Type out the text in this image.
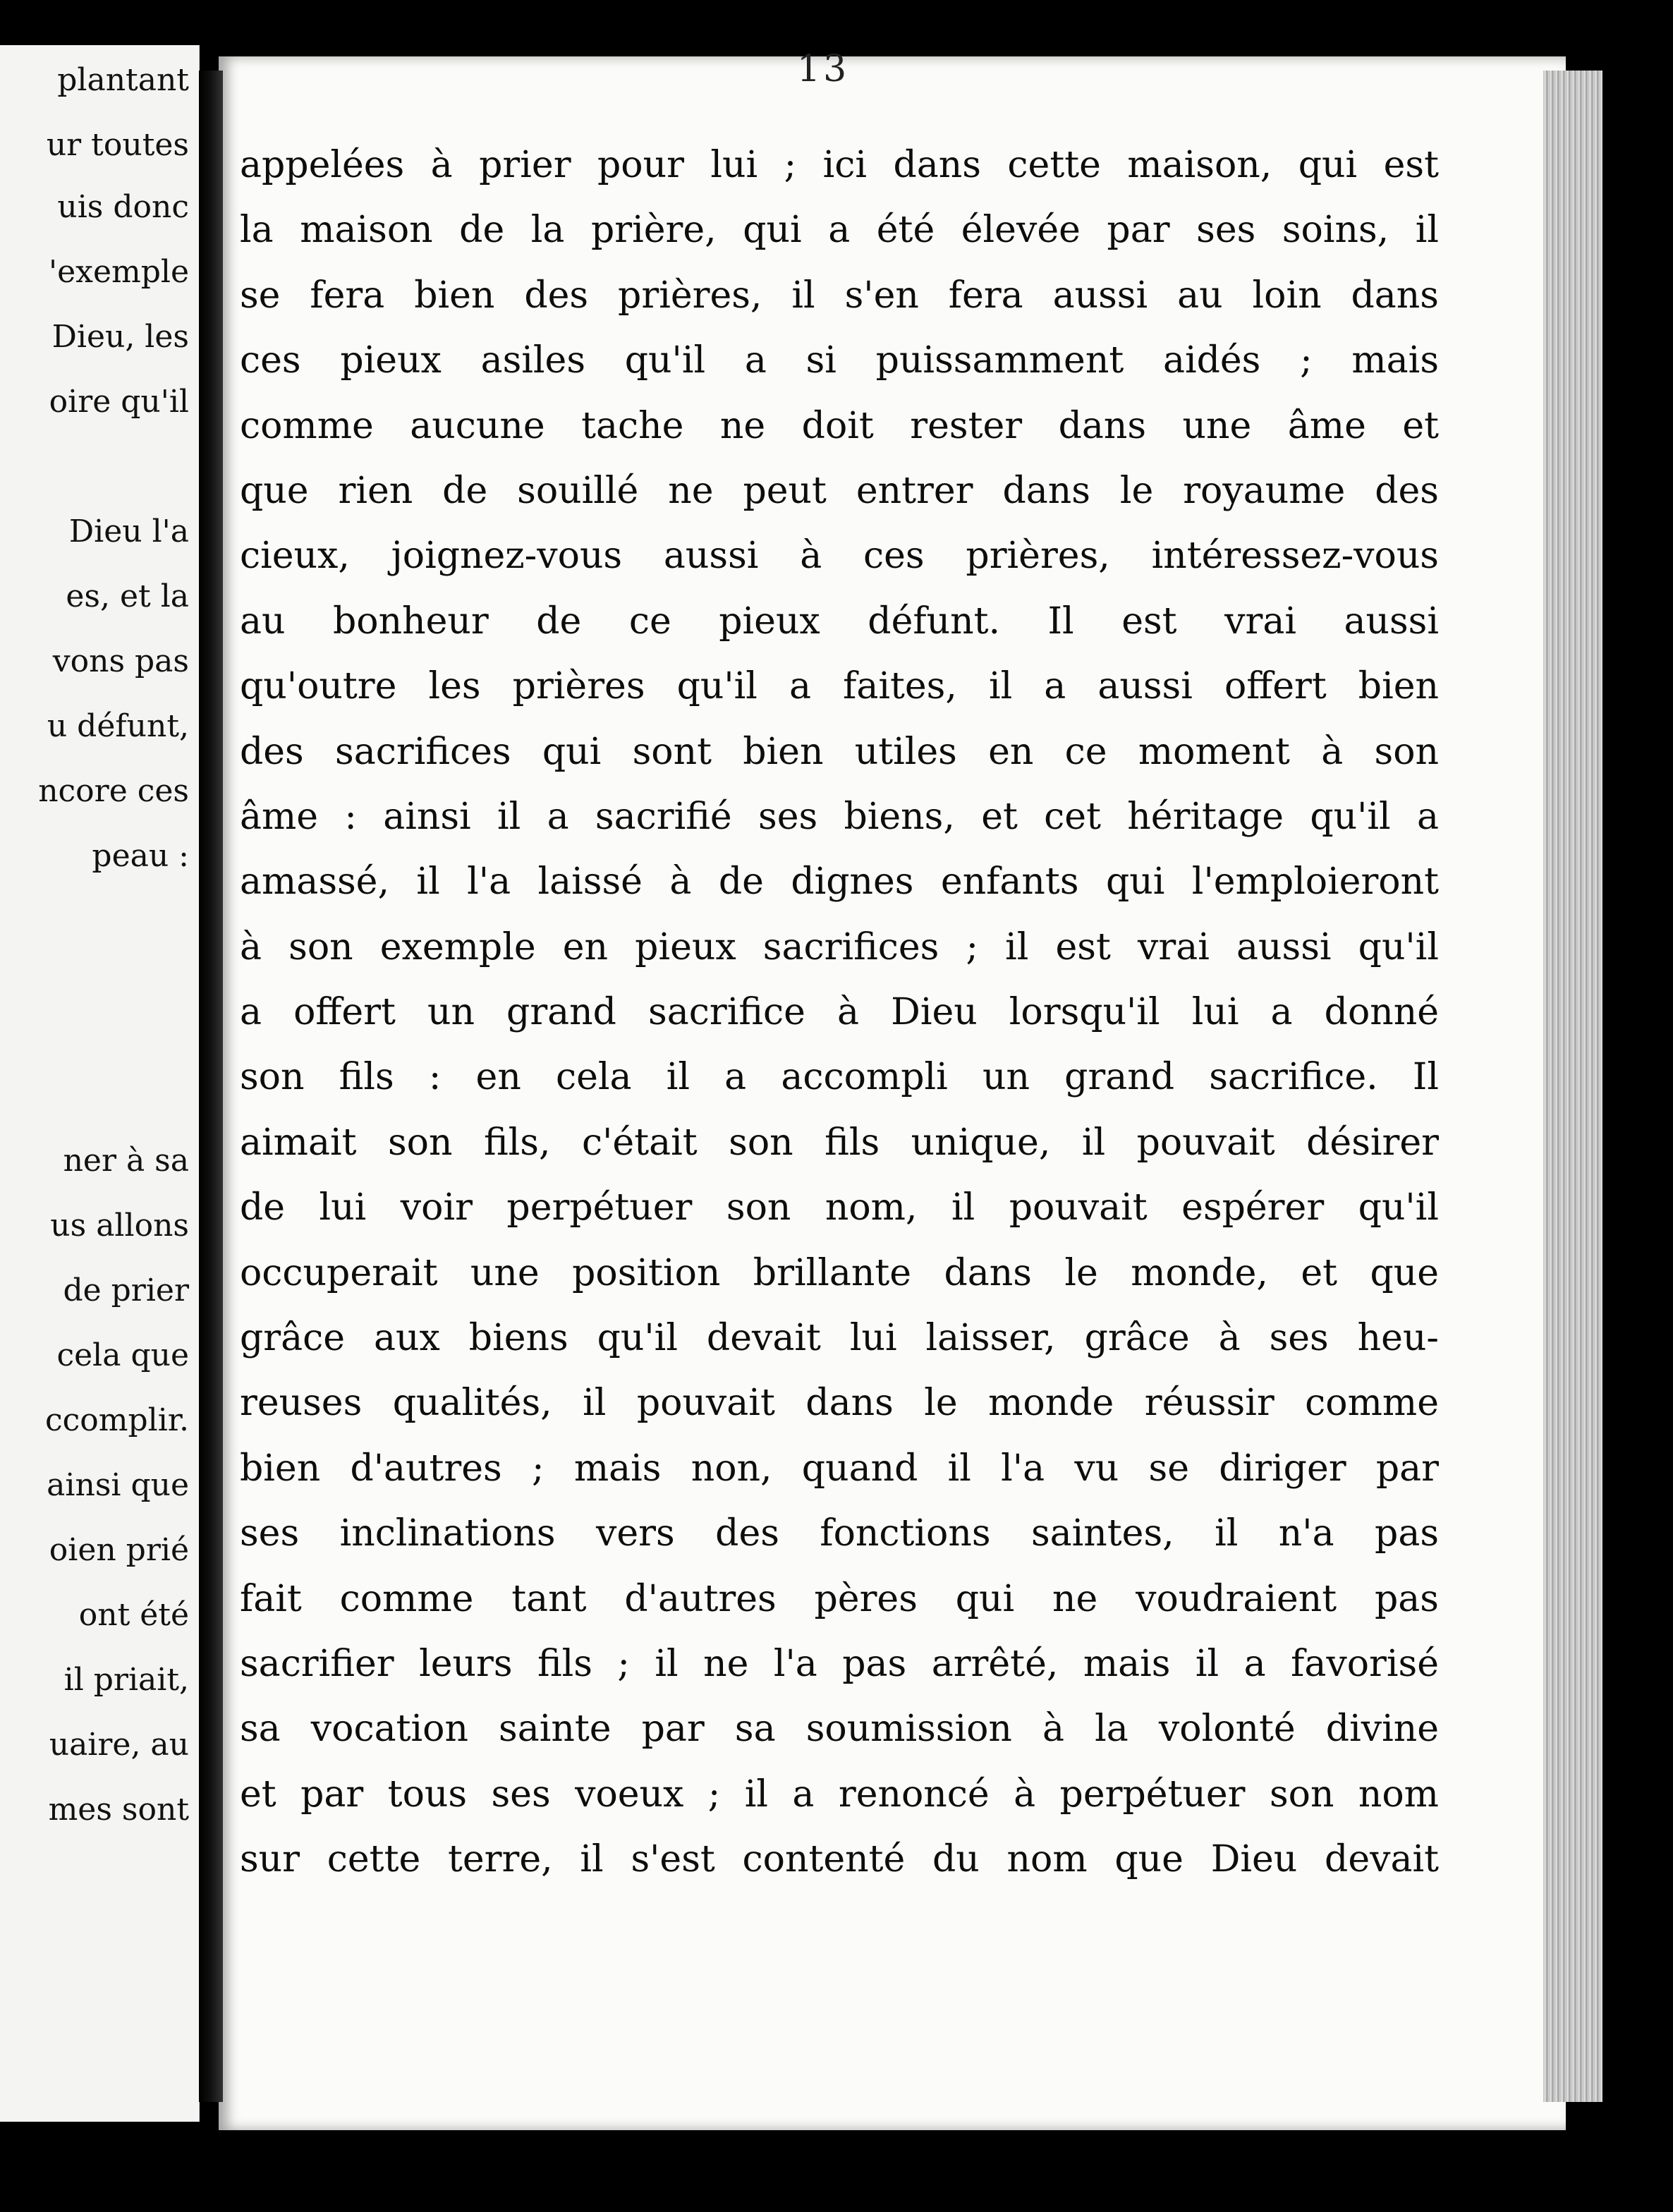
plantant
ur toutes
uis donc
'exemple
Dieu, les
oire qu'il
Dieu l'a
es, et la
vons pas
u défunt,
ncore ces
peau :
ner à sa
us allons
de prier
cela que
ccomplir.
ainsi que
oien prié
ont été
il priait,
uaire, au
mes sont
13
appelées à prier pour lui ; ici dans cette maison, qui est
la maison de la prière, qui a été élevée par ses soins, il
se fera bien des prières, il s'en fera aussi au loin dans
ces pieux asiles qu'il a si puissamment aidés ; mais
comme aucune tache ne doit rester dans une âme et
que rien de souillé ne peut entrer dans le royaume des
cieux, joignez-vous aussi à ces prières, intéressez-vous
au bonheur de ce pieux défunt. Il est vrai aussi
qu'outre les prières qu'il a faites, il a aussi offert bien
des sacrifices qui sont bien utiles en ce moment à son
âme : ainsi il a sacrifié ses biens, et cet héritage qu'il a
amassé, il l'a laissé à de dignes enfants qui l'emploieront
à son exemple en pieux sacrifices ; il est vrai aussi qu'il
a offert un grand sacrifice à Dieu lorsqu'il lui a donné
son fils : en cela il a accompli un grand sacrifice. Il
aimait son fils, c'était son fils unique, il pouvait désirer
de lui voir perpétuer son nom, il pouvait espérer qu'il
occuperait une position brillante dans le monde, et que
grâce aux biens qu'il devait lui laisser, grâce à ses heu-
reuses qualités, il pouvait dans le monde réussir comme
bien d'autres ; mais non, quand il l'a vu se diriger par
ses inclinations vers des fonctions saintes, il n'a pas
fait comme tant d'autres pères qui ne voudraient pas
sacrifier leurs fils ; il ne l'a pas arrêté, mais il a favorisé
sa vocation sainte par sa soumission à la volonté divine
et par tous ses voeux ; il a renoncé à perpétuer son nom
sur cette terre, il s'est contenté du nom que Dieu devait
